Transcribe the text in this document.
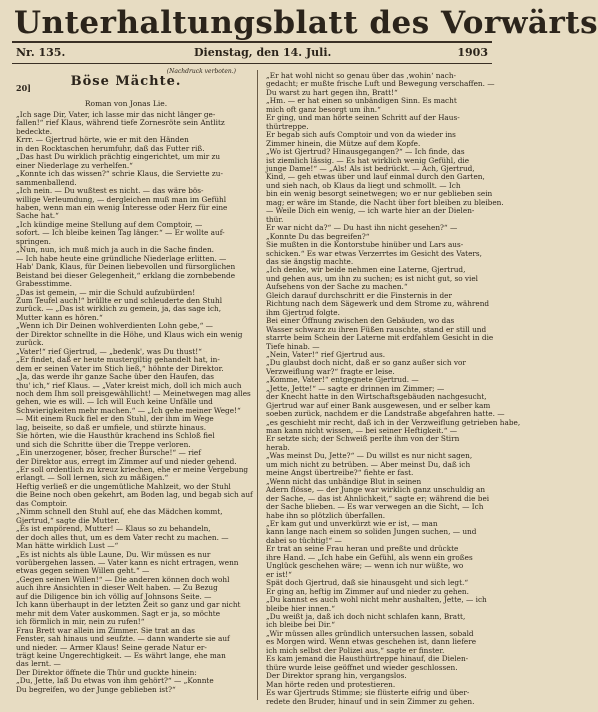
Unterhaltungsblatt des Vorwärts
Nr. 135.	Dienstag, den 14. Juli.	1903
20]	Böse Mächte.
(Nachdruck verboten.)
Roman von Jonas Lie.
„Ich sage Dir, Vater, ich lasse mir das nicht länger ge-
fallen!“ rief Klaus, während tiefe Zornesröte sein Antlitz
bedeckte.
Krrr. — Gjertrud hörte, wie er mit den Händen
in den Rocktaschen herumfuhr, daß das Futter riß.
„Das hast Du wirklich prächtig eingerichtet, um mir zu
einer Niederlage zu verhelfen.“
„Konnte ich das wissen?“ schrie Klaus, die Serviette zu-
sammenballend.
„Ich nein. — Du wußtest es nicht. — das wäre bös-
willige Verleumdung, — dergleichen muß man im Gefühl
haben, wenn man ein wenig Interesse oder Herz für eine
Sache hat.“
„Ich kündige meine Stellung auf dem Comptoir, —
sofort. — Ich bleibe keinen Tag länger.“ — Er wollte auf-
springen.
„Nun, nun, ich muß mich ja auch in die Sache finden.
— Ich habe heute eine gründliche Niederlage erlitten. —
Hab' Dank, Klaus, für Deinen liebevollen und fürsorglichen
Beistand bei dieser Gelegenheit,“ erklang die zornbebende
Grabesstimme.
„Das ist gemein, — mir die Schuld aufzubürden!
Zum Teufel auch!“ brüllte er und schleuderte den Stuhl
zurück. — „Das ist wirklich zu gemein, ja, das sage ich,
Mutter kann es hören.“
„Wenn ich Dir Deinen wohlverdienten Lohn gebe,“ —
der Direktor schnellte in die Höhe, und Klaus wich ein wenig
zurück.
„Vater!“ rief Gjertrud, — „bedenk', was Du thust!“
„Er findet, daß er heute mustergiltig gehandelt hat, in-
dem er seinen Vater im Stich ließ,“ höhnte der Direktor.
„Ja, das werde ihr ganze Sache über den Haufen, das
thu' ich,“ rief Klaus. — „Vater kreist mich, doll ich mich auch
noch dem Ihm soll preisgewähllicht! — Meinetwegen mag alles
gehen, wie es will. — Ich will Euch keine Unfälle und
Schwierigkeiten mehr machen.“ — „Ich gehe meiner Wege!“
— Mit einem Ruck fiel er den Stuhl, der ihm im Wege
lag, beiseite, so daß er umfiele, und stürzte hinaus.
Sie hörten, wie die Hausthür krachend ins Schloß fiel
und sich die Schritte über die Treppe verloren.
„Ein unerzogener, böser, frecher Bursche!“ — rief
der Direktor aus, erregt im Zimmer auf und nieder gehend.
„Er soll ordentlich zu kreuz kriechen, ehe er meine Vergebung
erlangt. — Soll lernen, sich zu mäßigen.“
Heftig verließ er die ungemütliche Mahlzeit, wo der Stuhl
die Beine noch oben gekehrt, am Boden lag, und begab sich auf
das Comptoir.
„Nimm schnell den Stuhl auf, ehe das Mädchen kommt,
Gjertrud,“ sagte die Mutter.
„Es ist empörend, Mutter! — Klaus so zu behandeln,
der doch alles thut, um es dem Vater recht zu machen. —
Man hätte wirklich Lust —“
„Es ist nichts als üble Laune, Du. Wir müssen es nur
vorübergehen lassen. — Vater kann es nicht ertragen, wenn
etwas gegen seinen Willen geht.“ —
„Gegen seinen Willen!“ — Die anderen können doch wohl
auch ihre Ansichten in dieser Welt haben. — Zu Bezug
auf die Diligence bin ich völlig auf Johnsons Seite. —
Ich kann überhaupt in der letzten Zeit so ganz und gar nicht
mehr mit dem Vater auskommen. Sagt er ja, so möchte
ich förmlich in mir, nein zu rufen!“
Frau Brett war allein im Zimmer. Sie trat an das
Fenster, sah hinaus und seufzte. — dann wanderte sie auf
und nieder. — Armer Klaus! Seine gerade Natur er-
trägt keine Ungerechtigkeit. — Es währt lange, ehe man
das lernt. —
Der Direktor öffnete die Thür und guckte hinein:
„Du, Jette, laß Du etwas von ihm gehört?“ — „Konnte
Du begreifen, wo der Junge geblieben ist?“
„Er hat wohl nicht so genau über das ‚wohin‘ nach-
gedacht; er mußte frische Luft und Bewegung verschaffen. —
Du warst zu hart gegen ihn, Bratt!“
„Hm. — er hat einen so unbändigen Sinn. Es macht
mich oft ganz besorgt um ihn.“
Er ging, und man hörte seinen Schritt auf der Haus-
thürtreppe.
Er begab sich aufs Comptoir und von da wieder ins
Zimmer hinein, die Mütze auf dem Kopfe.
„Wo ist Gjertrud? Hinausgegangen?“ — Ich finde, das
ist ziemlich lässig. — Es hat wirklich wenig Gefühl, die
junge Dame!“ — „Als! Als ist bedrückt. — Ach, Gjertrud,
Kind, — geh etwas über und lauf einmal durch den Garten,
und sieh nach, ob Klaus da liegt und schmollt. — Ich
bin ein wenig besorgt seinetwegen; wo er nur geblieben sein
mag; er wäre im Stande, die Nacht über fort bleiben zu bleiben.
— Weile Dich ein wenig, — ich warte hier an der Dielen-
thür.
Er war nicht da?“ — Du hast ihn nicht gesehen?“ —
„Konnte Du das begreifen?“
Sie mußten in die Kontorstube hinüber und Lars aus-
schicken.“ Es war etwas Verzerrtes im Gesicht des Vaters,
das sie ängstig machte.
„Ich denke, wir beide nehmen eine Laterne, Gjertrud,
und gehen aus, um ihn zu suchen; es ist nicht gut, so viel
Aufsehens von der Sache zu machen.“
Gleich darauf durchschritt er die Finsternis in der
Richtung nach dem Sägewerk und dem Strome zu, während
ihm Gjertrud folgte.
Bei einer Öffnung zwischen den Gebäuden, wo das
Wasser schwarz zu ihren Füßen rauschte, stand er still und
starrte beim Schein der Laterne mit erdfahlem Gesicht in die
Tiefe hinab. —
„Nein, Vater!“ rief Gjertrud aus.
„Du glaubst doch nicht, daß er so ganz außer sich vor
Verzweiflung war?“ fragte er leise.
„Komme, Vater!“ entgegnete Gjertrud. —
„Jette, Jette!“ — sagte er drinnen im Zimmer; —
der Knecht hatte in den Wirtschaftsgebäuden nachgesucht,
Gjertrud war auf einer Bank ausgewesen, und er selber kam
soeben zurück, nachdem er die Landstraße abgefahren hatte. —
„es geschieht mir recht, daß ich in der Verzweiflung getrieben habe,
man kann nicht wissen, — bei seiner Heftigkeit.“ —
Er setzte sich; der Schweiß perlte ihm von der Stirn
herab.
„Was meinst Du, Jette?“ — Du willst es nur nicht sagen,
um mich nicht zu betrüben. — Aber meinst Du, daß ich
meine Angst übertreibe?“ fiehte er fast.
„Wenn nicht das unbändige Blut in seinen
Adern flösse, — der Junge war wirklich ganz unschuldig an
der Sache, — das ist Ahnlichkeit,“ sagte er; während die bei
der Sache blieben. — Es war verwegen an die Sicht, — Ich
habe ihn so plötzlich überfallen.
„Er kam gut und unverkürzt wie er ist, — man
kann lange nach einem so soliden Jungen suchen, — und
dabei so tüchtig!“ —
Er trat an seine Frau heran und preßte und drückte
ihre Hand. — „Ich habe ein Gefühl, als wenn ein großes
Unglück geschehen wäre; — wenn ich nur wüßte, wo
er ist!“
Spät doch Gjertrud, daß sie hinausgeht und sich legt.“
Er ging an, heftig im Zimmer auf und nieder zu gehen.
„Du kannst es auch wohl nicht mehr aushalten, Jette, — ich
bleibe hier innen.“
„Du weißt ja, daß ich doch nicht schlafen kann, Bratt,
ich bleibe bei Dir.“
„Wir müssen alles gründlich untersuchen lassen, sobald
es Morgen wird. Wenn etwas geschehen ist, dann liefere
ich mich selbst der Polizei aus,“ sagte er finster.
Es kam jemand die Hausthürtreppe hinauf, die Dielen-
thüre wurde leise geöffnet und wieder geschlossen.
Der Direktor sprang hin, vergangslos.
Man hörte reden und protestieren.
Es war Gjertruds Stimme; sie flüsterte eifrig und über-
redete den Bruder, hinauf und in sein Zimmer zu gehen.
